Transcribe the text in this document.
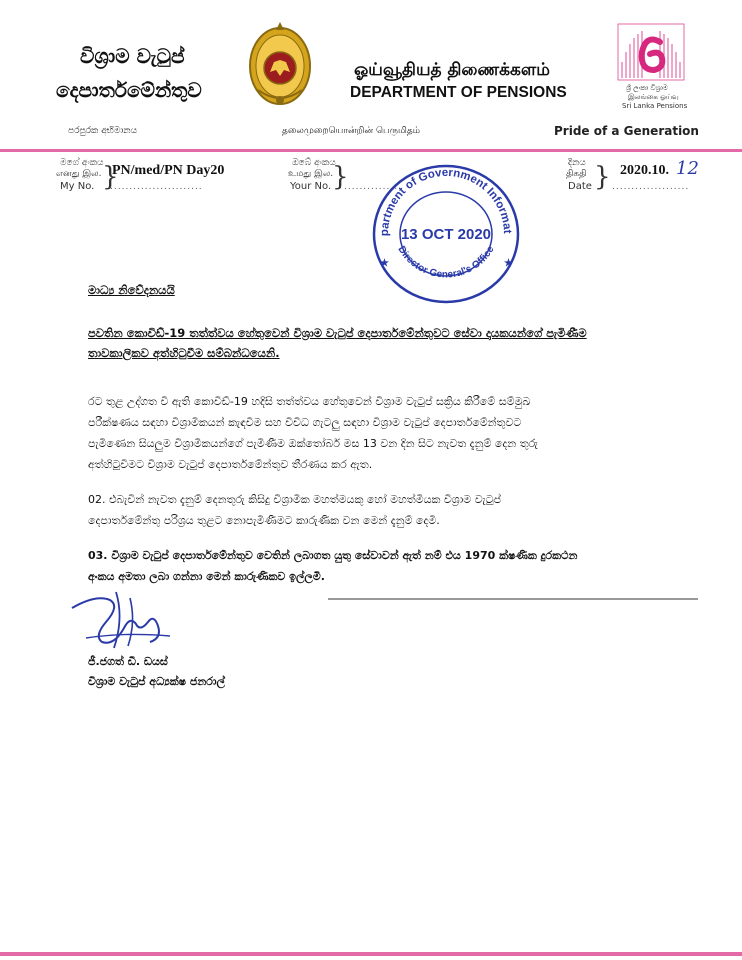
විශ්‍රාම වැටුප්
දෙපාර්තමේන්තුව
ஓய்வூதியத் திணைக்களம்
DEPARTMENT OF PENSIONS	ශ්‍රී ලංකා විශ්‍රාම
இலங்கை ஓய்வு
Sri Lanka Pensions
පරපුරක අභිමානය	தலைமுறையொன்றின் பெருமிதம்	Pride of a Generation
මගේ අංකය
எனது இல.
My No. }
PN/med/PN Day20
........................
ඔබේ අංකය
உமது இல.
Your No. }
...............
දිනය
திகதி
Date } 2020.10. 12
....................
partment of Government Informat
Director General's Office
13 OCT 2020
★	★
මාධ්‍ය නිවේදනයයි
පවතින කොවිඩ්-19 තත්ත්වය හේතුවෙන් විශ්‍රාම වැටුප් දෙපාර්තමේන්තුවට සේවා දායකයන්ගේ පැමිණීම
තාවකාලිකව අත්හිටුවීම සම්බන්ධයෙනි.
රට තුළ උද්ගත වී ඇති කොවිඩ්-19 හදිසි තත්ත්වය හේතුවෙන් විශ්‍රාම වැටුප් සක්‍රිය කිරීමේ සම්මුඛ
පරීක්ෂණය සඳහා විශ්‍රාමිකයන් කැඳවීම සහ විවිධ ගැටලු සඳහා විශ්‍රාම වැටුප් දෙපාර්තමේන්තුවට
පැමිණෙන සියලුම විශ්‍රාමිකයන්ගේ පැමිණීම ඔක්තෝබර් මස 13 වන දින සිට නැවත දැනුම් දෙන තුරු
අත්හිටුවීමට විශ්‍රාම වැටුප් දෙපාර්තමේන්තුව තීරණය කර ඇත.
02. එබැවින් නැවත දැනුම් දෙනතුරු කිසිදු විශ්‍රාමික මහත්මයකු හෝ මහත්මියක විශ්‍රාම වැටුප්
දෙපාර්තමේන්තු පරිශ්‍රය තුළට නොපැමිණීමට කාරුණික වන මෙන් දැනුම් දෙමි.
03. විශ්‍රාම වැටුප් දෙපාර්තමේන්තුව වෙතින් ලබාගත යුතු සේවාවන් ඇත් නම් එය 1970 ක්ෂණික දුරකථන
අංකය අමතා ලබා ගන්නා මෙන් කාරුණිකව ඉල්ලමි.
ජී.ජගත් ඩී. ඩයස්
විශ්‍රාම වැටුප් අධ්‍යක්ෂ ජනරාල්
